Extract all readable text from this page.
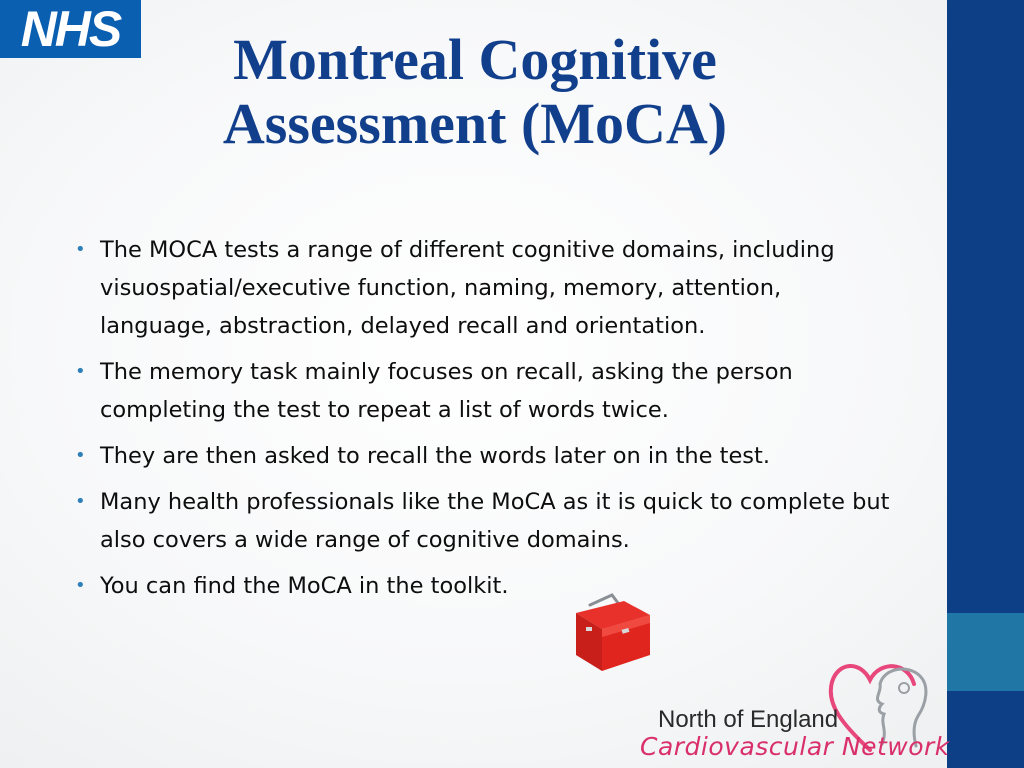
NHS	Montreal Cognitive
Assessment (MoCA)
• The MOCA tests a range of different cognitive domains, including visuospatial/executive function, naming, memory, attention, language, abstraction, delayed recall and orientation.
• The memory task mainly focuses on recall, asking the person completing the test to repeat a list of words twice.
• They are then asked to recall the words later on in the test.
• Many health professionals like the MoCA as it is quick to complete but also covers a wide range of cognitive domains.
• You can find the MoCA in the toolkit.
North of England
Cardiovascular Network
